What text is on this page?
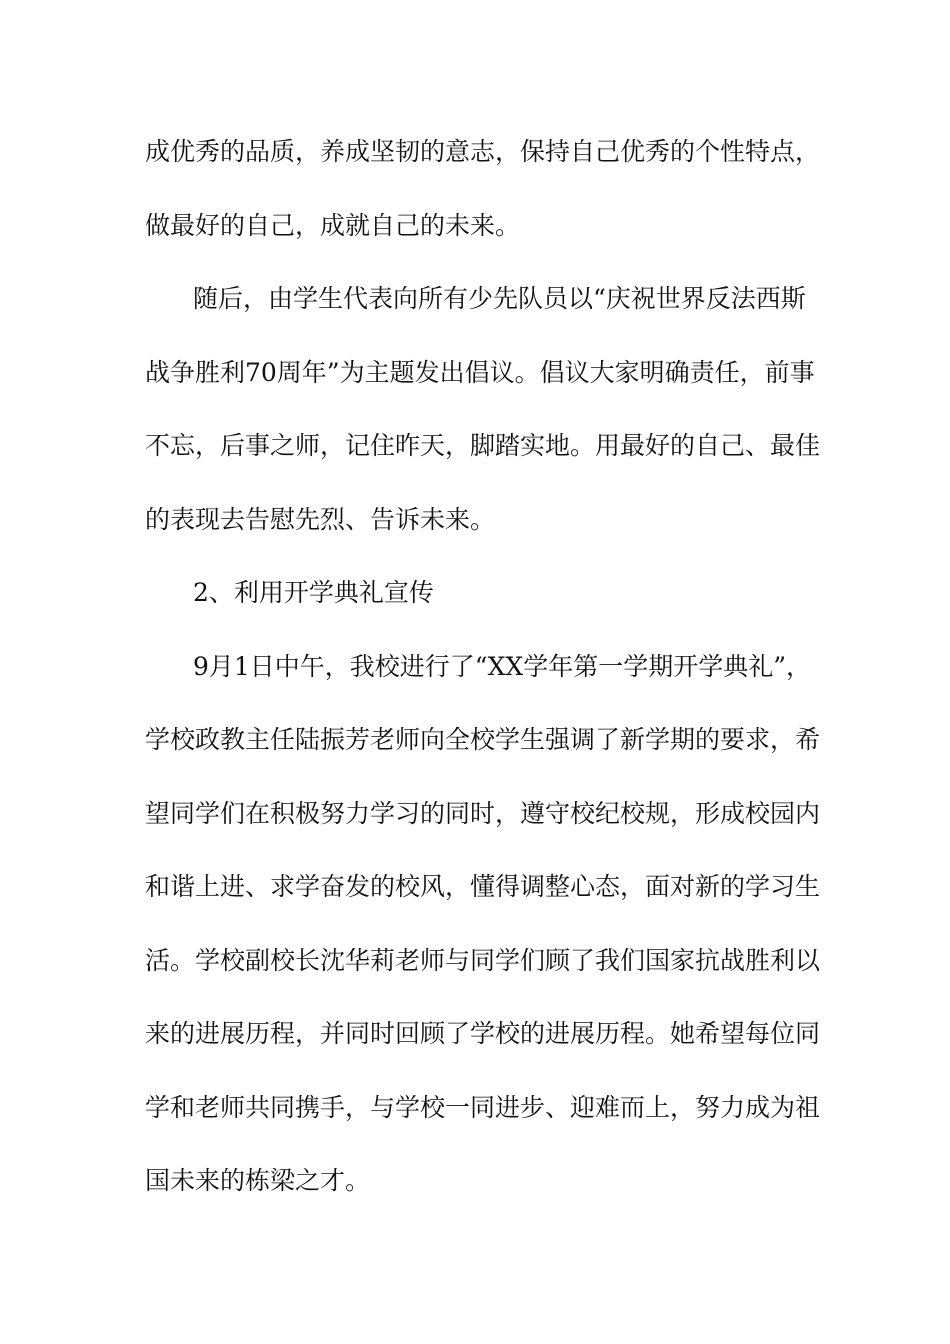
成优秀的品质，养成坚韧的意志，保持自己优秀的个性特点，
做最好的自己，成就自己的未来。
随后，由学生代表向所有少先队员以“庆祝世界反法西斯
战争胜利70周年”为主题发出倡议。倡议大家明确责任，前事
不忘，后事之师，记住昨天，脚踏实地。用最好的自己、最佳
的表现去告慰先烈、告诉未来。
2、利用开学典礼宣传
9月1日中午，我校进行了“XX学年第一学期开学典礼”，
学校政教主任陆振芳老师向全校学生强调了新学期的要求，希
望同学们在积极努力学习的同时，遵守校纪校规，形成校园内
和谐上进、求学奋发的校风，懂得调整心态，面对新的学习生
活。学校副校长沈华莉老师与同学们顾了我们国家抗战胜利以
来的进展历程，并同时回顾了学校的进展历程。她希望每位同
学和老师共同携手，与学校一同进步、迎难而上，努力成为祖
国未来的栋梁之才。
